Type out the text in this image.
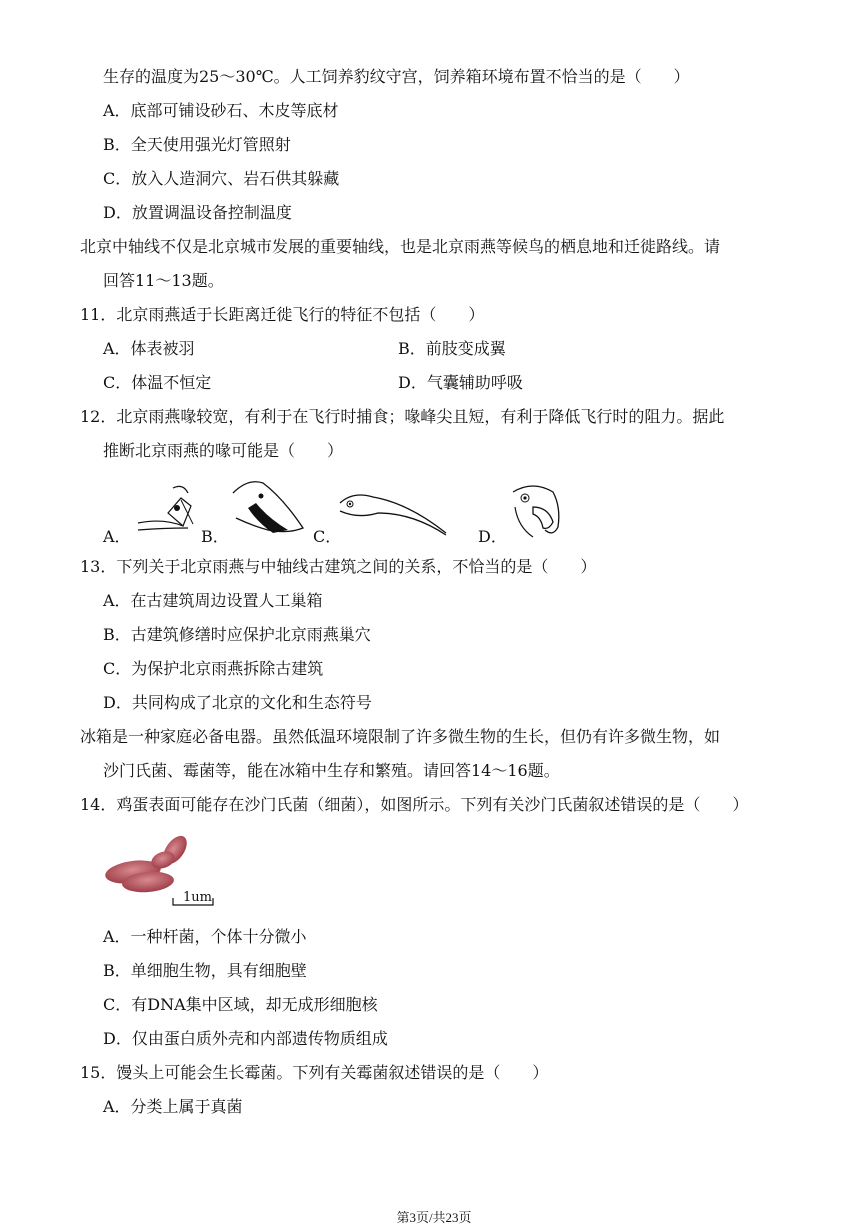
生存的温度为25～30℃。人工饲养豹纹守宫，饲养箱环境布置不恰当的是（　　）
A．底部可铺设砂石、木皮等底材
B．全天使用强光灯管照射
C．放入人造洞穴、岩石供其躲藏
D．放置调温设备控制温度
北京中轴线不仅是北京城市发展的重要轴线，也是北京雨燕等候鸟的栖息地和迁徙路线。请
回答11～13题。
11．北京雨燕适于长距离迁徙飞行的特征不包括（　　）
A．体表被羽	B．前肢变成翼
C．体温不恒定	D．气囊辅助呼吸
12．北京雨燕喙较宽，有利于在飞行时捕食；喙峰尖且短，有利于降低飞行时的阻力。据此
推断北京雨燕的喙可能是（　　）
A．	B．	C．	D．
13．下列关于北京雨燕与中轴线古建筑之间的关系，不恰当的是（　　）
A．在古建筑周边设置人工巢箱
B．古建筑修缮时应保护北京雨燕巢穴
C．为保护北京雨燕拆除古建筑
D．共同构成了北京的文化和生态符号
冰箱是一种家庭必备电器。虽然低温环境限制了许多微生物的生长，但仍有许多微生物，如
沙门氏菌、霉菌等，能在冰箱中生存和繁殖。请回答14～16题。
14．鸡蛋表面可能存在沙门氏菌（细菌），如图所示。下列有关沙门氏菌叙述错误的是（　　）
1um
A．一种杆菌，个体十分微小
B．单细胞生物，具有细胞壁
C．有DNA集中区域，却无成形细胞核
D．仅由蛋白质外壳和内部遗传物质组成
15．馒头上可能会生长霉菌。下列有关霉菌叙述错误的是（　　）
A．分类上属于真菌
第3页/共23页
